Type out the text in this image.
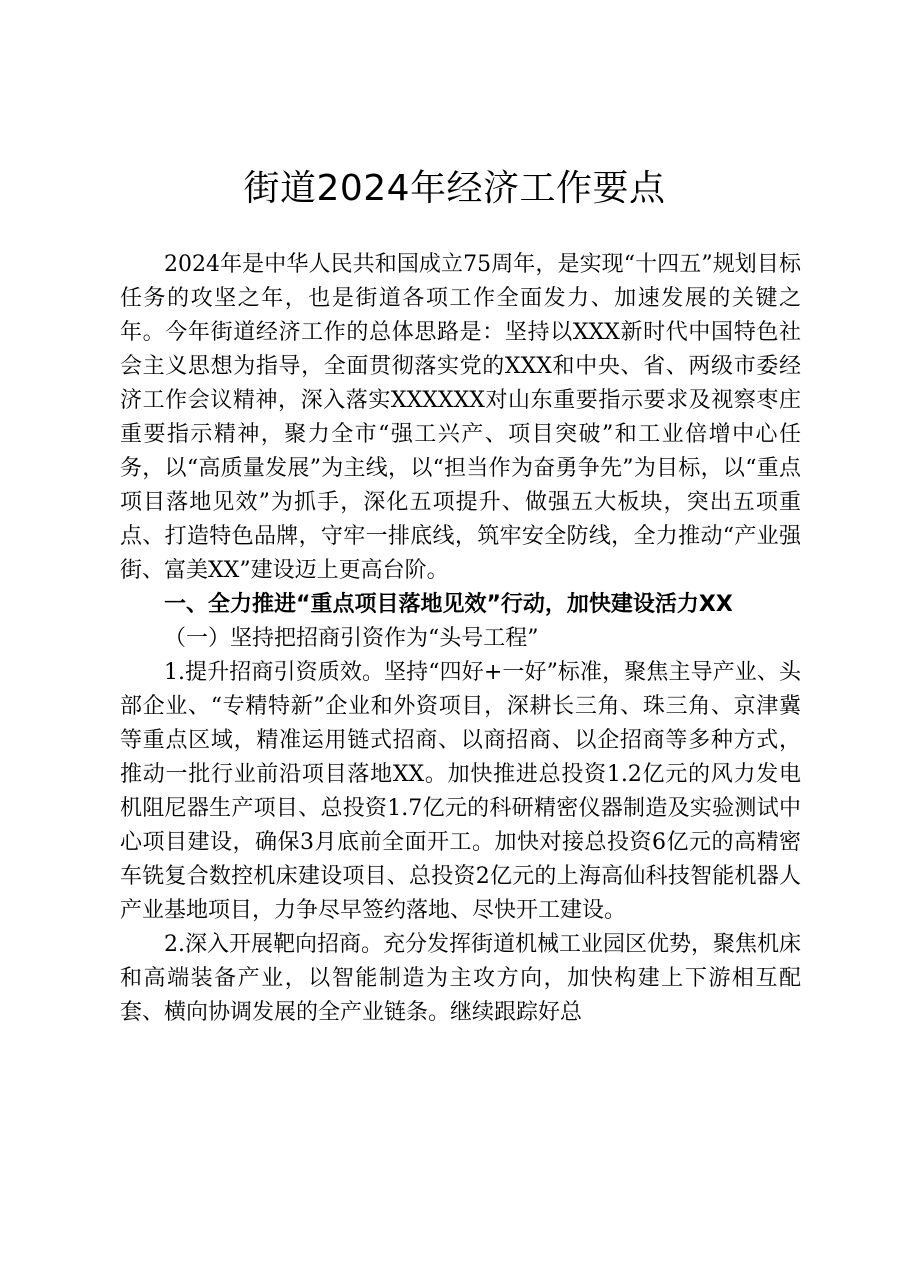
街道2024年经济工作要点

2024年是中华人民共和国成立75周年，是实现“十四五”规划目标任务的攻坚之年，也是街道各项工作全面发力、加速发展的关键之年。今年街道经济工作的总体思路是：坚持以XXX新时代中国特色社会主义思想为指导，全面贯彻落实党的XXX和中央、省、两级市委经济工作会议精神，深入落实XXXXXX对山东重要指示要求及视察枣庄重要指示精神，聚力全市“强工兴产、项目突破”和工业倍增中心任务，以“高质量发展”为主线，以“担当作为奋勇争先”为目标，以“重点项目落地见效”为抓手，深化五项提升、做强五大板块，突出五项重点、打造特色品牌，守牢一排底线，筑牢安全防线，全力推动“产业强街、富美XX”建设迈上更高台阶。

一、全力推进“重点项目落地见效”行动，加快建设活力XX

（一）坚持把招商引资作为“头号工程”

1.提升招商引资质效。坚持“四好+一好”标准，聚焦主导产业、头部企业、“专精特新”企业和外资项目，深耕长三角、珠三角、京津冀等重点区域，精准运用链式招商、以商招商、以企招商等多种方式，推动一批行业前沿项目落地XX。加快推进总投资1.2亿元的风力发电机阻尼器生产项目、总投资1.7亿元的科研精密仪器制造及实验测试中心项目建设，确保3月底前全面开工。加快对接总投资6亿元的高精密车铣复合数控机床建设项目、总投资2亿元的上海高仙科技智能机器人产业基地项目，力争尽早签约落地、尽快开工建设。

2.深入开展靶向招商。充分发挥街道机械工业园区优势，聚焦机床和高端装备产业，以智能制造为主攻方向，加快构建上下游相互配套、横向协调发展的全产业链条。继续跟踪好总
